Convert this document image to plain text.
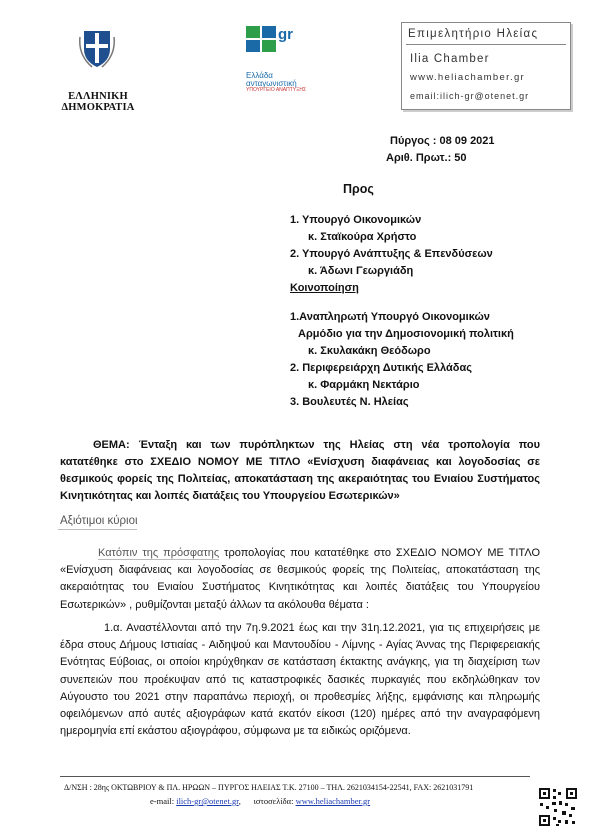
ΕΛΛΗΝΙΚΗ ΔΗΜΟΚΡΑΤΙΑ
gr
Ελλάδα
ανταγωνιστική
ΥΠΟΥΡΓΕΙΟ ΑΝΑΠΤΥΞΗΣ
Επιμελητήριο Ηλείας
Ilia Chamber
www.heliachamber.gr
email:ilich-gr@otenet.gr
Πύργος : 08 09 2021
Αριθ. Πρωτ.: 50
Προς
1. Υπουργό Οικονομικών
κ. Σταϊκούρα Χρήστο
2. Υπουργό Ανάπτυξης & Επενδύσεων
κ. Άδωνι Γεωργιάδη
Κοινοποίηση
1.Αναπληρωτή Υπουργό Οικονομικών
Αρμόδιο για την Δημοσιονομική πολιτική
κ. Σκυλακάκη Θεόδωρο
2. Περιφερειάρχη Δυτικής Ελλάδας
κ. Φαρμάκη Νεκτάριο
3. Βουλευτές Ν. Ηλείας
ΘΕΜΑ: Ένταξη και των πυρόπληκτων της Ηλείας στη νέα τροπολογία που κατατέθηκε στο ΣΧΕΔΙΟ ΝΟΜΟΥ ΜΕ ΤΙΤΛΟ «Ενίσχυση διαφάνειας και λογοδοσίας σε θεσμικούς φορείς της Πολιτείας, αποκατάσταση της ακεραιότητας του Ενιαίου Συστήματος Κινητικότητας και λοιπές διατάξεις του Υπουργείου Εσωτερικών»
Αξιότιμοι κύριοι
Κατόπιν της πρόσφατης τροπολογίας που κατατέθηκε στο ΣΧΕΔΙΟ ΝΟΜΟΥ ΜΕ ΤΙΤΛΟ «Ενίσχυση διαφάνειας και λογοδοσίας σε θεσμικούς φορείς της Πολιτείας, αποκατάσταση της ακεραιότητας του Ενιαίου Συστήματος Κινητικότητας και λοιπές διατάξεις του Υπουργείου Εσωτερικών» , ρυθμίζονται μεταξύ άλλων τα ακόλουθα θέματα :
1.α. Αναστέλλονται από την 7η.9.2021 έως και την 31η.12.2021, για τις επιχειρήσεις με έδρα στους Δήμους Ιστιαίας - Αιδηψού και Μαντουδίου - Λίμνης - Αγίας Άννας της Περιφερειακής Ενότητας Εύβοιας, οι οποίοι κηρύχθηκαν σε κατάσταση έκτακτης ανάγκης, για τη διαχείριση των συνεπειών που προέκυψαν από τις καταστροφικές δασικές πυρκαγιές που εκδηλώθηκαν τον Αύγουστο του 2021 στην παραπάνω περιοχή, οι προθεσμίες λήξης, εμφάνισης και πληρωμής οφειλόμενων από αυτές αξιογράφων κατά εκατόν είκοσι (120) ημέρες από την αναγραφόμενη ημερομηνία επί εκάστου αξιογράφου, σύμφωνα με τα ειδικώς οριζόμενα.
Δ/ΝΣΗ : 28ης ΟΚΤΩΒΡΙΟΥ & ΠΛ. ΗΡΩΩΝ – ΠΥΡΓΟΣ ΗΛΕΙΑΣ Τ.Κ. 27100 – ΤΗΛ. 2621034154-22541, FAX: 2621031791
e-mail: ilich-gr@otenet.gr,      ιστοσελίδα: www.heliachamber.gr
